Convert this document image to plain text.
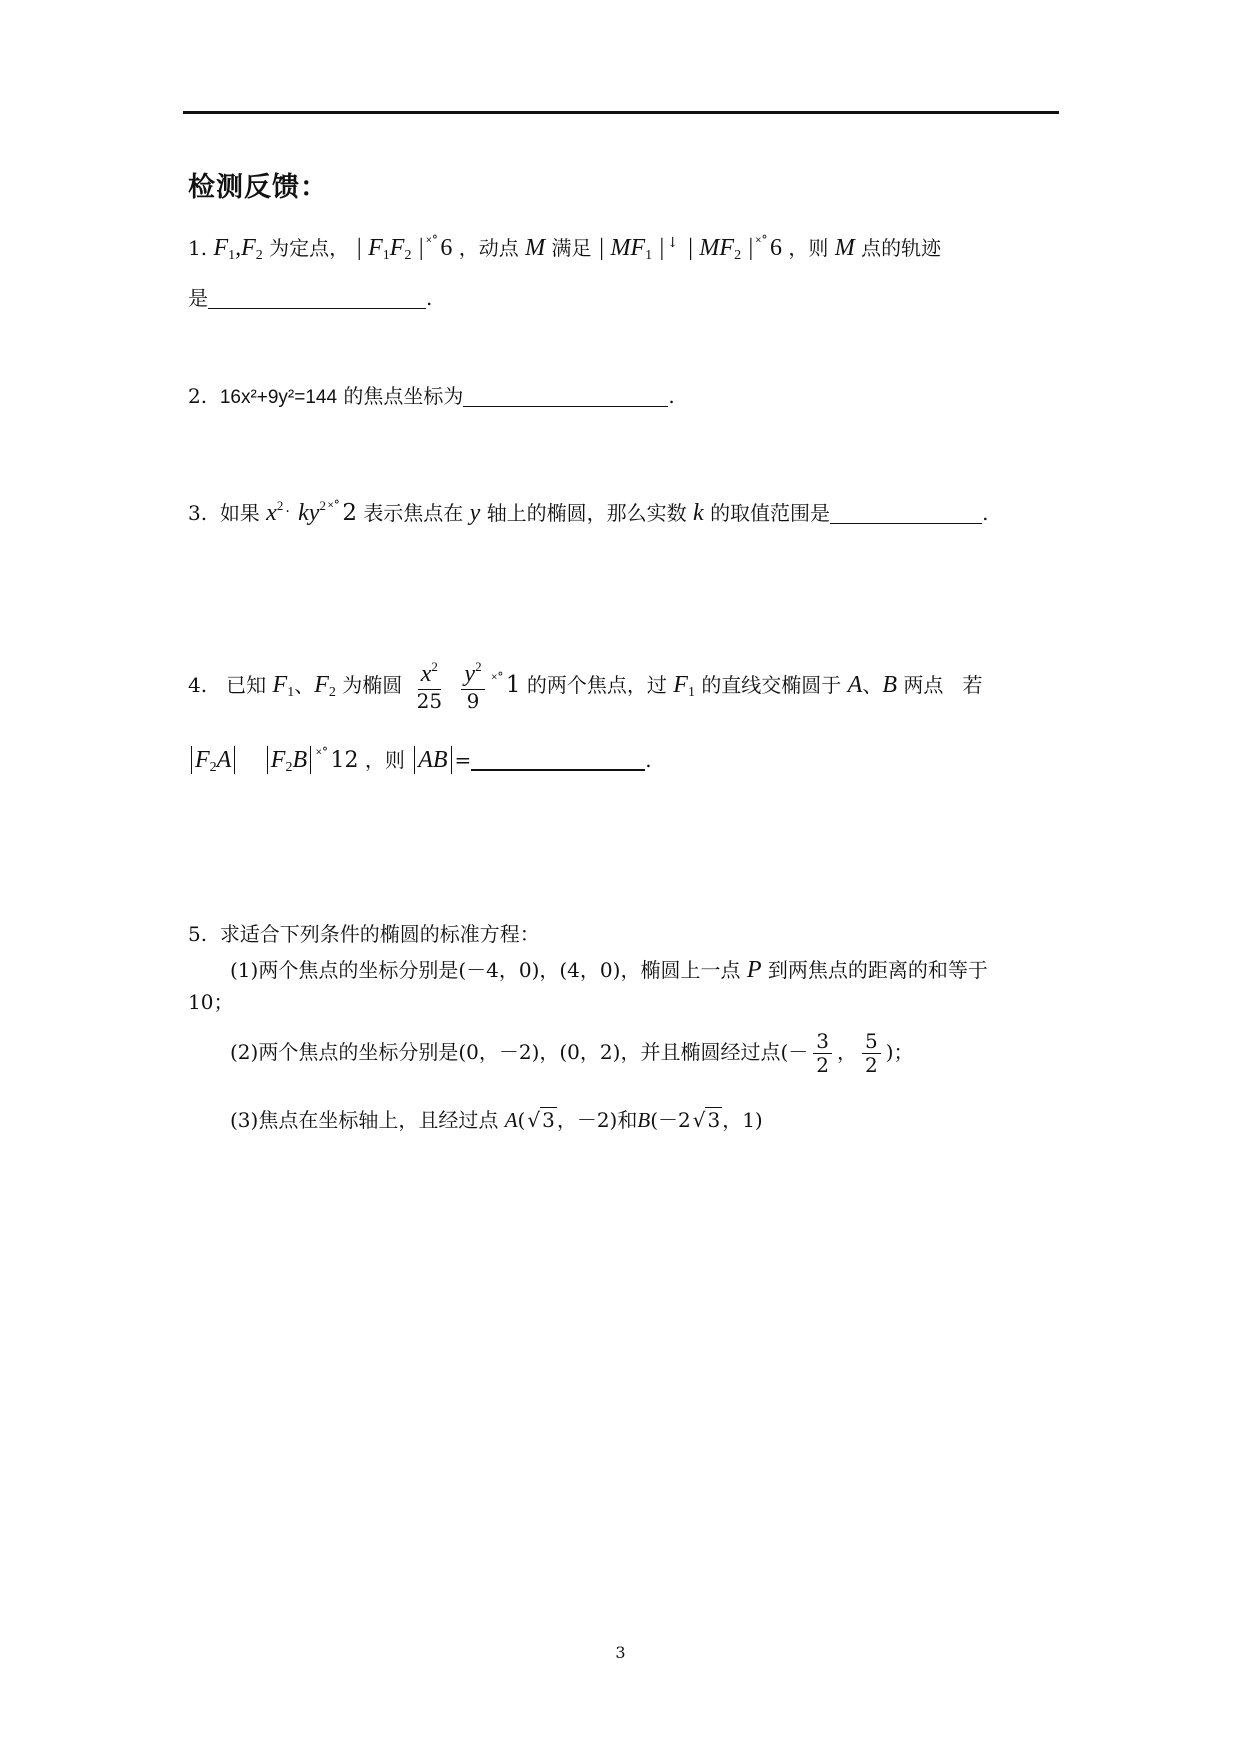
检测反馈：
1. $F_1,F_2$ 为定点， | $F_1F_2$ | ˟˚6 ，动点 M 满足 | $MF_1$ | ↓ | $MF_2$ | ˟˚6 ，则 M 点的轨迹
是	.
2. 16x²+9y²=144 的焦点坐标为	.
3. 如果 $x^2$ . $ky^2$ ˟˚2 表示焦点在 y 轴上的椭圆，那么实数 k 的取值范围是	.
4. 已知 $F_1$、$F_2$ 为椭圆 $\frac{x^2}{25}$
$\frac{y^2}{9} ^{˟˚}1$ 的两个焦点，过 $F_1$ 的直线交椭圆于 A、B 两点 若
$F_2A$ $F_2B$ ˟˚12 ，则 AB =	.
5. 求适合下列条件的椭圆的标准方程：
(1)两个焦点的坐标分别是(－4，0)，(4，0)，椭圆上一点 P 到两焦点的距离的和等于
10；
(2)两个焦点的坐标分别是(0，－2)，(0，2)，并且椭圆经过点(－ $\frac{3}{2}$ ， $\frac{5}{2}$ )；
(3)焦点在坐标轴上，且经过点 A( √ 3 ，－2)和B(－2 √ 3 ，1)
3
